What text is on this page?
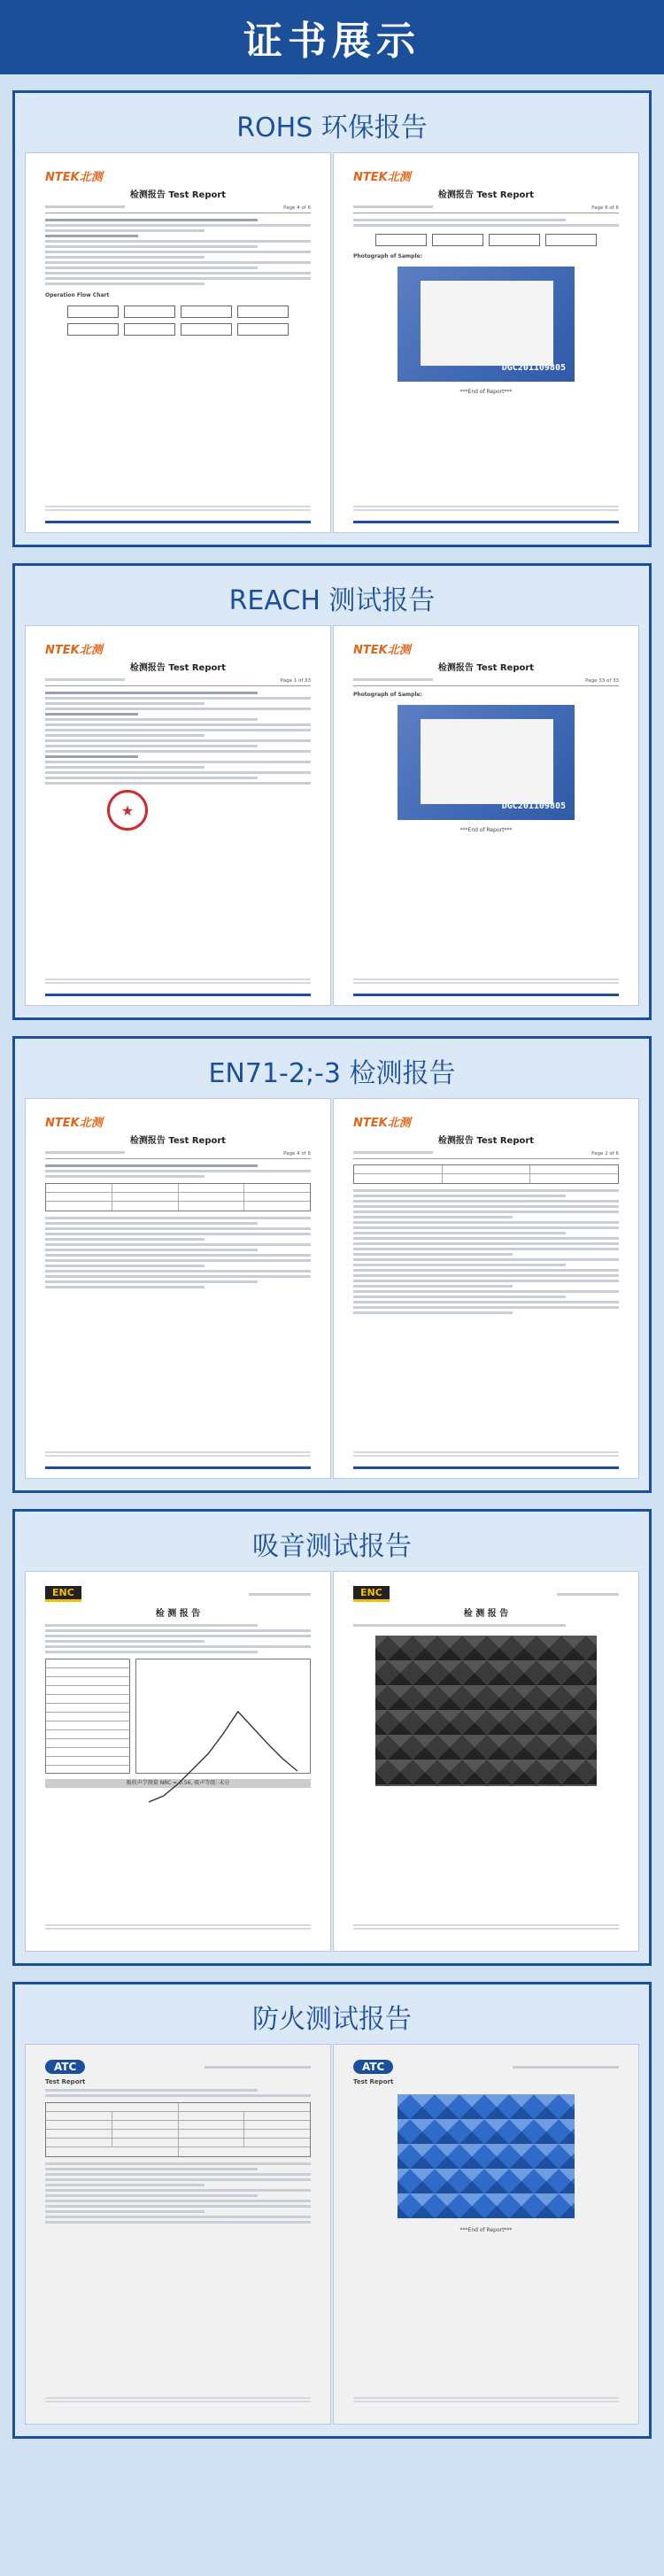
证书展示
ROHS 环保报告
NTEK北测
检测报告 Test Report
Page 4 of 6
Operation Flow Chart
NTEK北测
检测报告 Test Report
Page 6 of 6
Photograph of Sample:
DGC201109805
***End of Report***
REACH 测试报告
NTEK北测
检测报告 Test Report
Page 1 of 33
★
NTEK北测
检测报告 Test Report
Page 33 of 33
Photograph of Sample:
DGC201109805
***End of Report***
EN71-2;-3 检测报告
NTEK北测
检测报告 Test Report
Page 4 of 6
NTEK北测
检测报告 Test Report
Page 2 of 6
吸音测试报告
ENC
检 测 报 告
吸收声学测量 NRC = 0.56, 吸声等级: 未分
ENC
检 测 报 告
防火测试报告
ATC
Test Report
ATC
Test Report
***End of Report***
